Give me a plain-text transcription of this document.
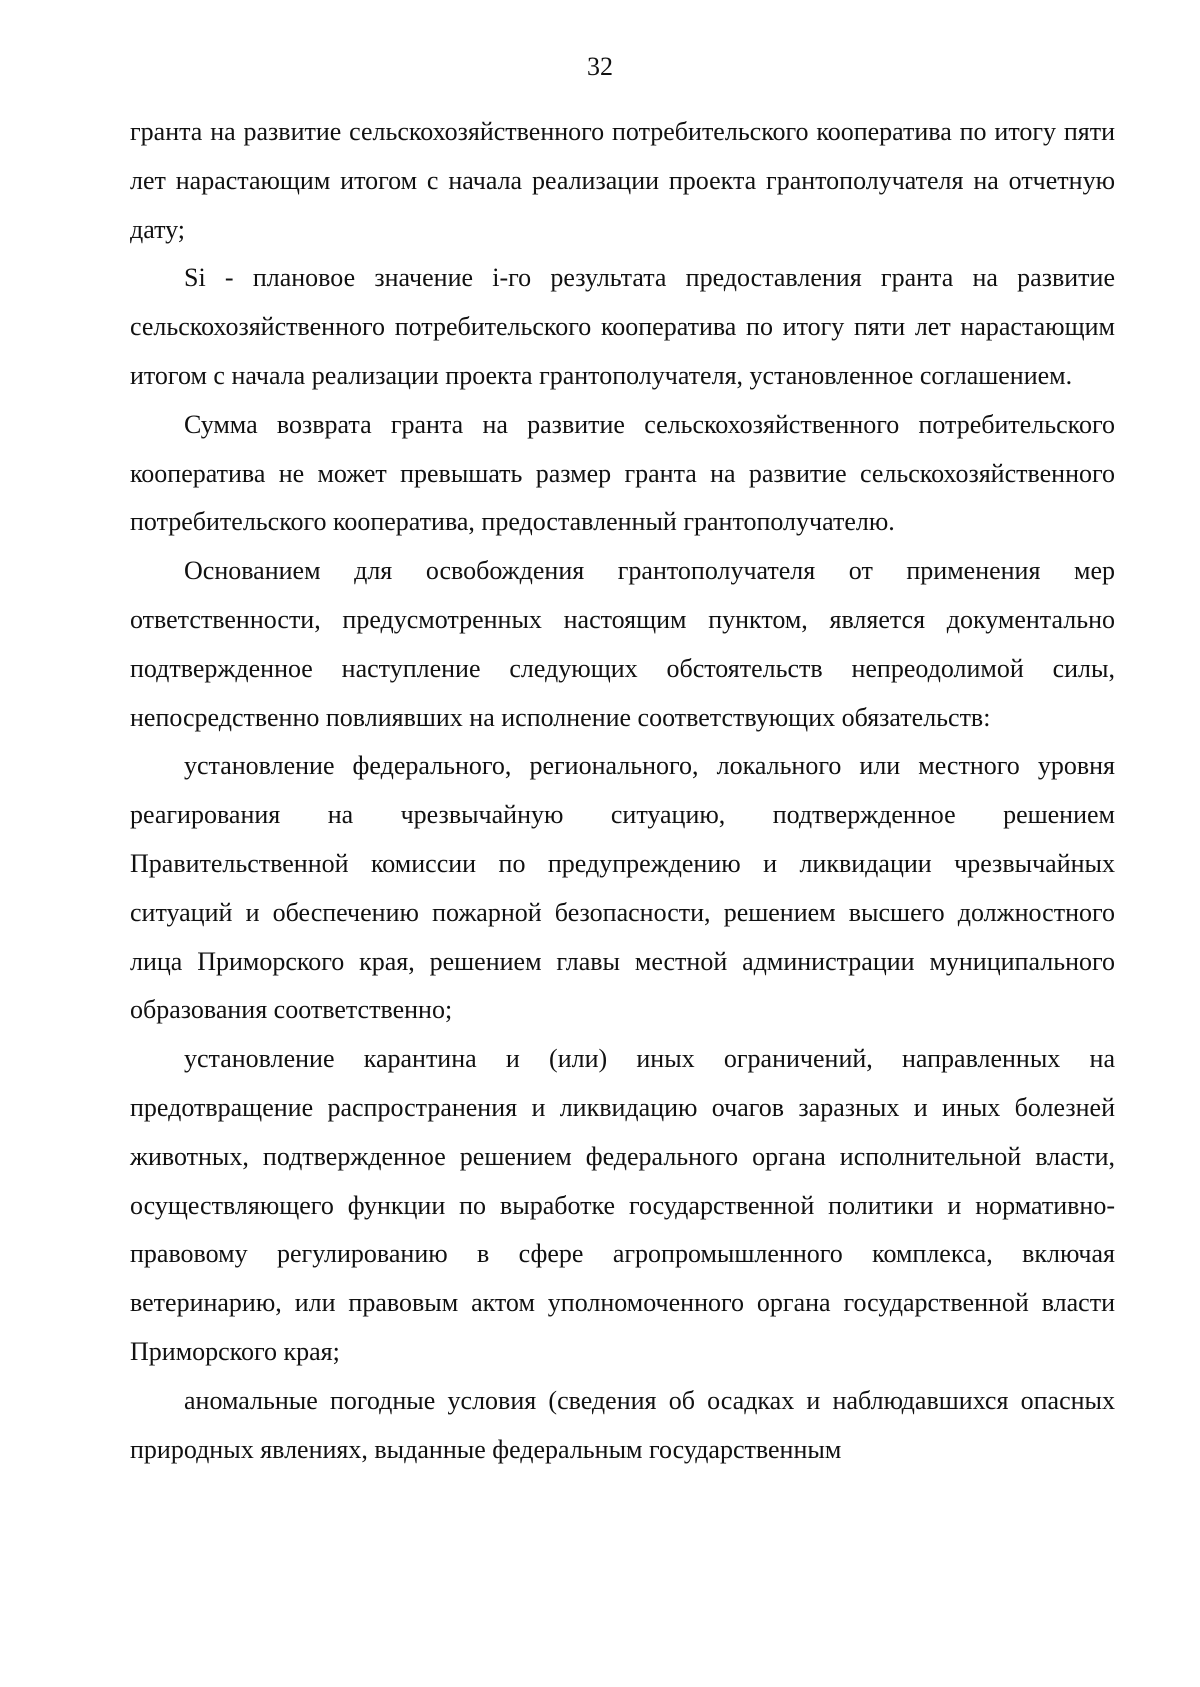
32

гранта на развитие сельскохозяйственного потребительского кооператива по итогу пяти лет нарастающим итогом с начала реализации проекта грантополучателя на отчетную дату;

Si - плановое значение i-го результата предоставления гранта на развитие сельскохозяйственного потребительского кооператива по итогу пяти лет нарастающим итогом с начала реализации проекта грантополучателя, установленное соглашением.

Сумма возврата гранта на развитие сельскохозяйственного потребительского кооператива не может превышать размер гранта на развитие сельскохозяйственного потребительского кооператива, предоставленный грантополучателю.

Основанием для освобождения грантополучателя от применения мер ответственности, предусмотренных настоящим пунктом, является документально подтвержденное наступление следующих обстоятельств непреодолимой силы, непосредственно повлиявших на исполнение соответствующих обязательств:

установление федерального, регионального, локального или местного уровня реагирования на чрезвычайную ситуацию, подтвержденное решением Правительственной комиссии по предупреждению и ликвидации чрезвычайных ситуаций и обеспечению пожарной безопасности, решением высшего должностного лица Приморского края, решением главы местной администрации муниципального образования соответственно;

установление карантина и (или) иных ограничений, направленных на предотвращение распространения и ликвидацию очагов заразных и иных болезней животных, подтвержденное решением федерального органа исполнительной власти, осуществляющего функции по выработке государственной политики и нормативно-правовому регулированию в сфере агропромышленного комплекса, включая ветеринарию, или правовым актом уполномоченного органа государственной власти Приморского края;

аномальные погодные условия (сведения об осадках и наблюдавшихся опасных природных явлениях, выданные федеральным государственным
